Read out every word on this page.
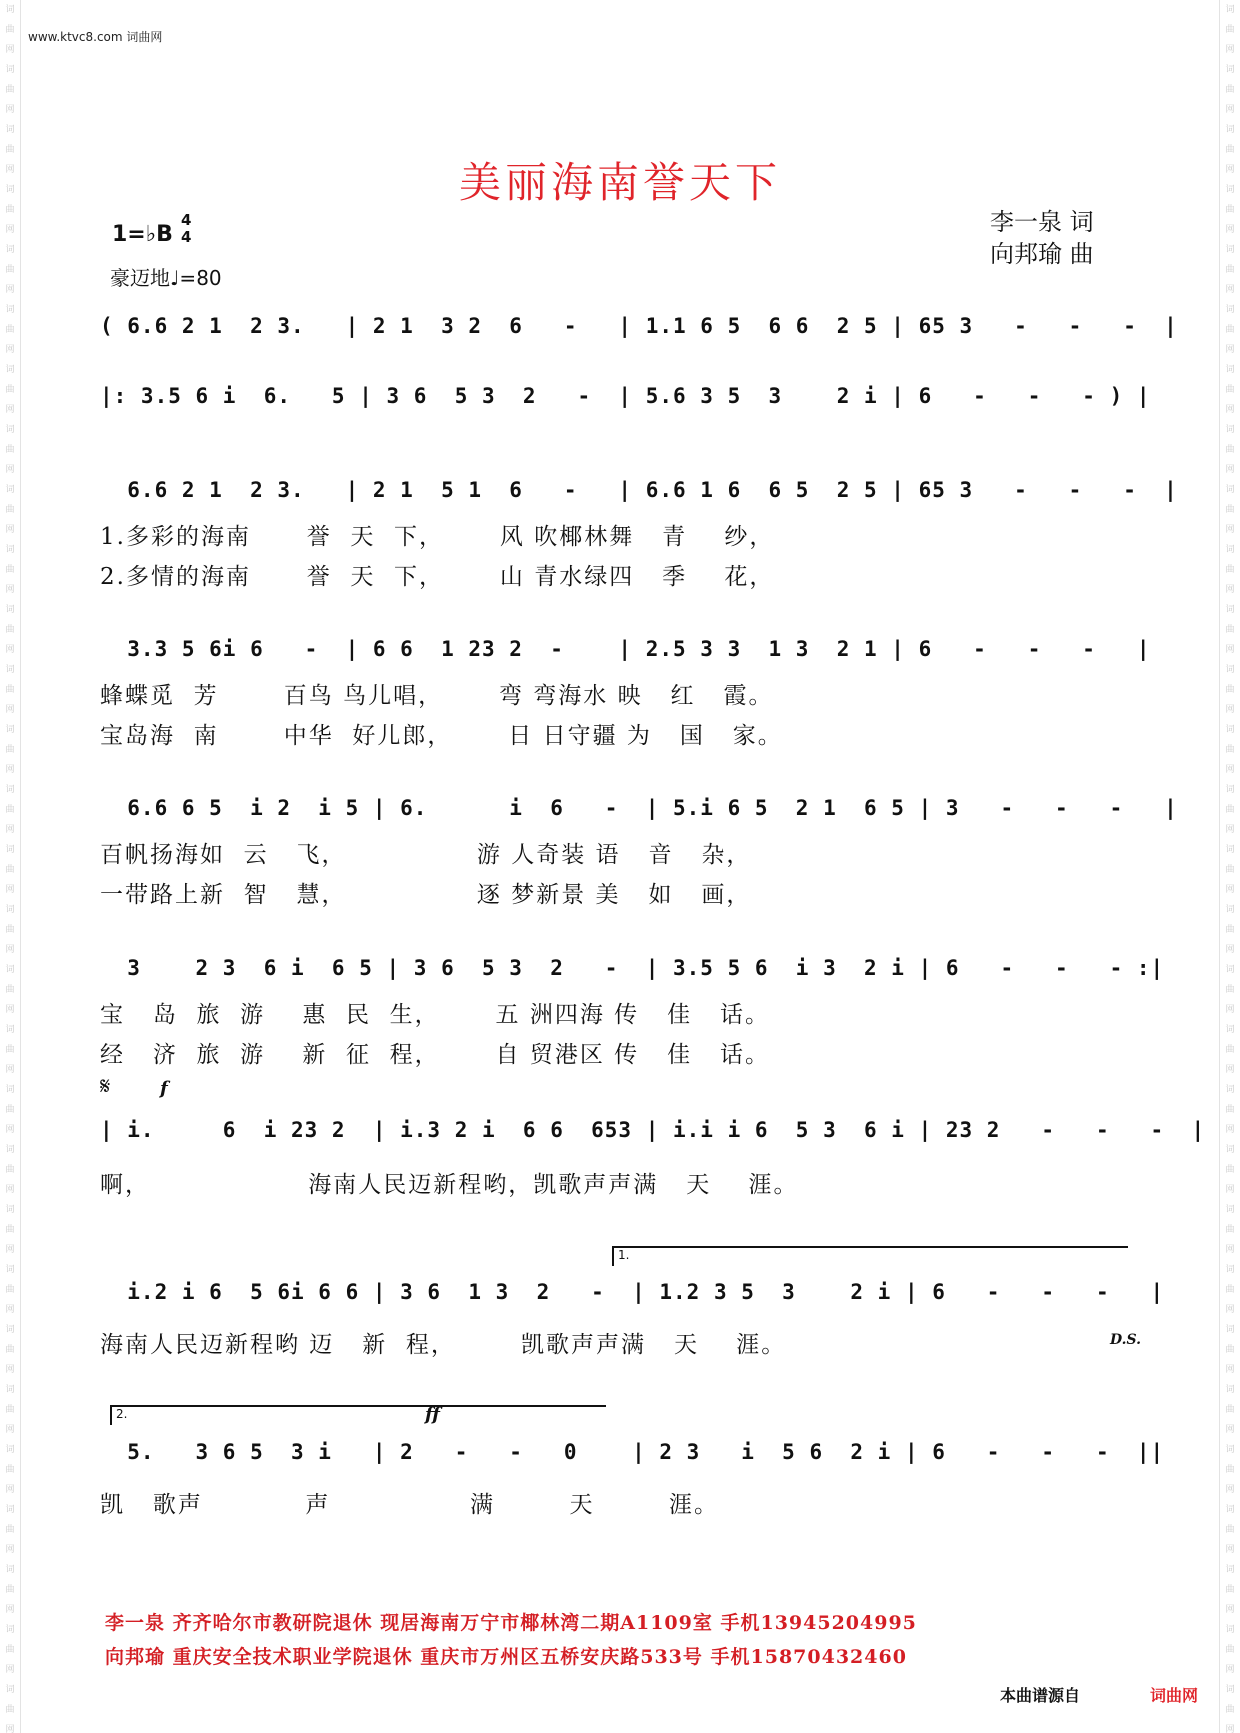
词
曲
网
词
曲
网
词
曲
网
词
曲
网
词
曲
网
词
曲
网
词
曲
网
词
曲
网
词
曲
网
词
曲
网
词
曲
网
词
曲
网
词
曲
网
词
曲
网
词
曲
网
词
曲
网
词
曲
网
词
曲
网
词
曲
网
词
曲
网
词
曲
网
词
曲
网
词
曲
网
词
曲
网
词
曲
网
词
曲
网
词
曲
网
词
曲
网
词
曲
网
词
曲
网
词
曲
网
词
曲
网
词
曲
网
词
曲
网
词
曲
网
词
曲
网
词
曲
网
词
曲
网
词
曲
网
词
曲
网
词
曲
网
词
曲
网
词
曲
网
词
曲
网
词
曲
网
词
曲
网
词
曲
网
词
曲
网
词
曲
网
词
曲
网
词
曲
网
词
曲
网
词
曲
网
词
曲
网
词
曲
网
词
曲
网
词
曲
网
词
曲
网
www.ktvc8.com 词曲网
美丽海南誉天下
1=♭B
4
4
豪迈地♩=80
李一泉 词
向邦瑜 曲
( 6.6 2 1  2 3.   | 2 1  3 2  6   -   | 1.1 6 5  6 6  2 5 | 65 3   -   -   -  |
|: 3.5 6 i  6.   5 | 3 6  5 3  2   -  | 5.6 3 5  3    2 i | 6   -   -   - ) |
6.6 2 1  2 3.   | 2 1  5 1  6   -   | 6.6 1 6  6 5  2 5 | 65 3   -   -   -  |
1.多彩的海南      誉  天  下，      风 吹椰林舞   青    纱，
2.多情的海南      誉  天  下，      山 青水绿四   季    花，
3.3 5 6i 6   -  | 6 6  1 23 2  -    | 2.5 3 3  1 3  2 1 | 6   -   -   -   |
蜂蝶觅  芳       百鸟 鸟儿唱，      弯 弯海水 映   红   霞。
宝岛海  南       中华  好儿郎，      日 日守疆 为   国   家。
6.6 6 5  i 2  i 5 | 6.      i  6   -  | 5.i 6 5  2 1  6 5 | 3   -   -   -   |
百帆扬海如  云   飞，              游 人奇装 语   音   杂，
一带路上新  智   慧，              逐 梦新景 美   如   画，
3    2 3  6 i  6 5 | 3 6  5 3  2   -  | 3.5 5 6  i 3  2 i | 6   -   -   - :|
宝   岛  旅  游    惠  民  生，      五 洲四海 传   佳   话。
经   济  旅  游    新  征  程，      自 贸港区 传   佳   话。
𝄋	f
| i.     6  i 23 2  | i.3 2 i  6 6  653 | i.i i 6  5 3  6 i | 23 2   -   -   -  |
啊，                 海南人民迈新程哟，凯歌声声满   天    涯。
1.
i.2 i 6  5 6i 6 6 | 3 6  1 3  2   -  | 1.2 3 5  3    2 i | 6   -   -   -   |
海南人民迈新程哟 迈   新  程，       凯歌声声满   天    涯。	D.S.
2.	ff
5.   3 6 5  3 i   | 2   -   -   0    | 2 3   i  5 6  2 i | 6   -   -   -  ||
凯   歌声           声               满        天        涯。
李一泉 齐齐哈尔市教研院退休 现居海南万宁市椰林湾二期A1109室 手机13945204995
向邦瑜 重庆安全技术职业学院退休 重庆市万州区五桥安庆路533号 手机15870432460
本曲谱源自	词曲网
